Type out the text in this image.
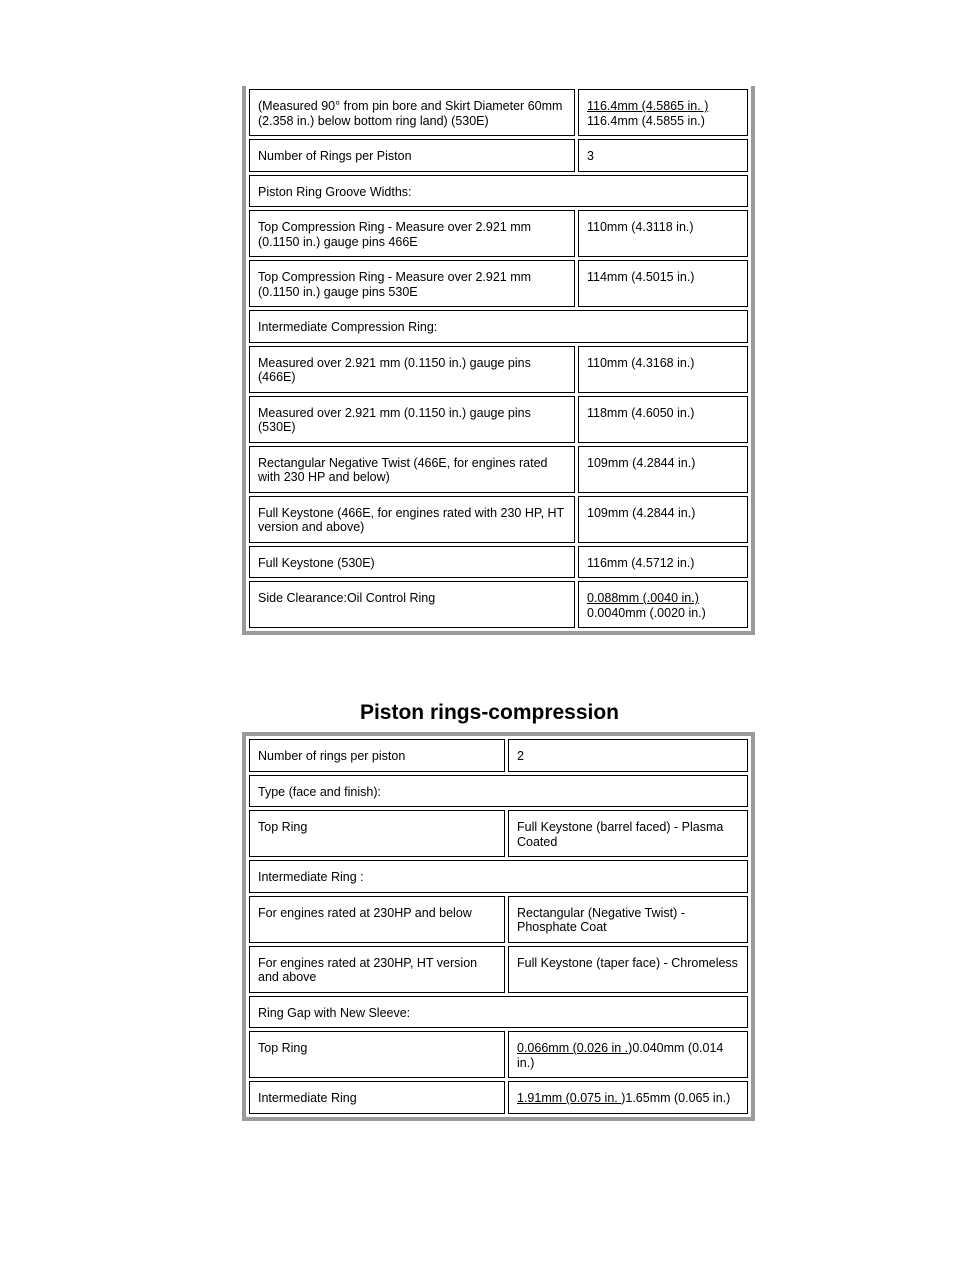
(Measured 90° from pin bore and Skirt Diameter 60mm (2.358 in.) below bottom ring land) (530E)	116.4mm (4.5865 in. )
116.4mm (4.5855 in.)
Number of Rings per Piston	3
Piston Ring Groove Widths:	
Top Compression Ring - Measure over 2.921 mm (0.1150 in.) gauge pins 466E	110mm (4.3118 in.)
Top Compression Ring - Measure over 2.921 mm (0.1150 in.) gauge pins 530E	114mm (4.5015 in.)
Intermediate Compression Ring:	
Measured over 2.921 mm (0.1150 in.) gauge pins (466E)	110mm (4.3168 in.)
Measured over 2.921 mm (0.1150 in.) gauge pins (530E)	118mm (4.6050 in.)
Rectangular Negative Twist (466E, for engines rated with 230 HP and below)	109mm (4.2844 in.)
Full Keystone (466E, for engines rated with 230 HP, HT version and above)	109mm (4.2844 in.)
Full Keystone (530E)	116mm (4.5712 in.)
Side Clearance:Oil Control Ring	0.088mm (.0040 in.)
0.0040mm (.0020 in.)
Piston rings-compression
Number of rings per piston	2
Type (face and finish):	
Top Ring	Full Keystone (barrel faced) - Plasma Coated
Intermediate Ring :	
For engines rated at 230HP and below	Rectangular (Negative Twist) - Phosphate Coat
For engines rated at 230HP, HT version and above	Full Keystone (taper face) - Chromeless
Ring Gap with New Sleeve:	
Top Ring	0.066mm (0.026 in .)0.040mm (0.014 in.)
Intermediate Ring	1.91mm (0.075 in. )1.65mm (0.065 in.)
